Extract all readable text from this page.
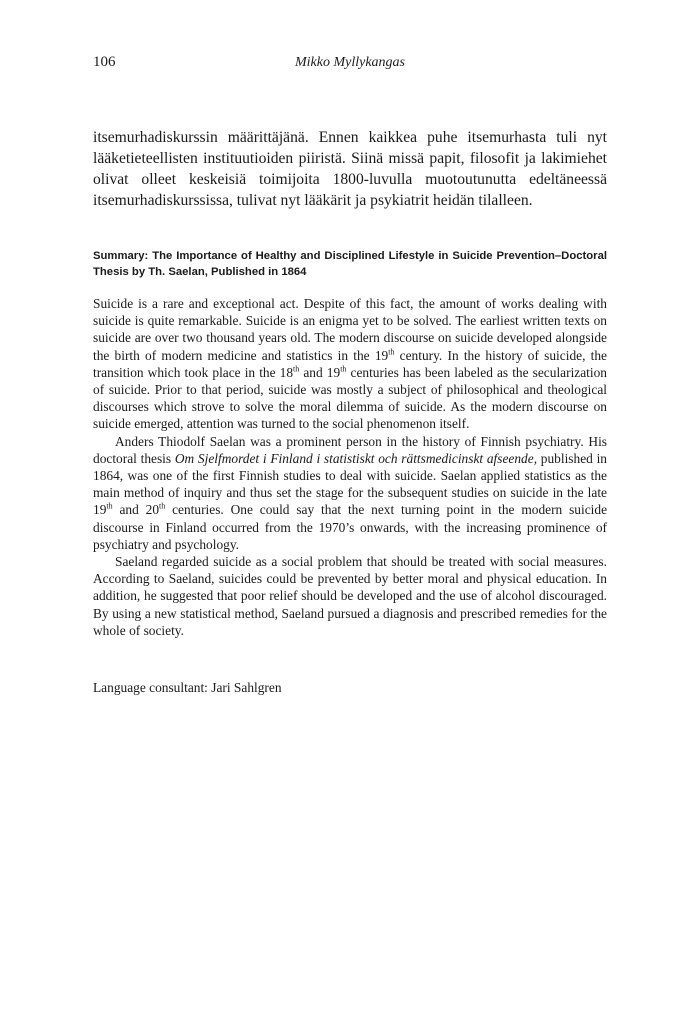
106	Mikko Myllykangas

itsemurhadiskurssin määrittäjänä. Ennen kaikkea puhe itsemurhasta tuli nyt lääketieteellisten instituutioiden piiristä. Siinä missä papit, filosofit ja lakimiehet olivat olleet keskeisiä toimijoita 1800-luvulla muotoutunutta edeltäneessä itsemurhadiskurssissa, tulivat nyt lääkärit ja psykiatrit heidän tilalleen.

Summary: The Importance of Healthy and Disciplined Lifestyle in Suicide Prevention–Doctoral Thesis by Th. Saelan, Published in 1864

Suicide is a rare and exceptional act. Despite of this fact, the amount of works dealing with suicide is quite remarkable. Suicide is an enigma yet to be solved. The earliest written texts on suicide are over two thousand years old. The modern discourse on suicide developed alongside the birth of modern medicine and statistics in the 19th century. In the history of suicide, the transition which took place in the 18th and 19th centuries has been labeled as the secularization of suicide. Prior to that period, suicide was mostly a subject of philosophical and theological discourses which strove to solve the moral dilemma of suicide. As the modern discourse on suicide emerged, attention was turned to the social phenomenon itself.

Anders Thiodolf Saelan was a prominent person in the history of Finnish psychiatry. His doctoral thesis Om Sjelfmordet i Finland i statistiskt och rättsmedicinskt afseende, published in 1864, was one of the first Finnish studies to deal with suicide. Saelan applied statistics as the main method of inquiry and thus set the stage for the subsequent studies on suicide in the late 19th and 20th centuries. One could say that the next turning point in the modern suicide discourse in Finland occurred from the 1970’s onwards, with the increasing prominence of psychiatry and psychology.

Saeland regarded suicide as a social problem that should be treated with social measures. According to Saeland, suicides could be prevented by better moral and physical education. In addition, he suggested that poor relief should be developed and the use of alcohol discouraged. By using a new statistical method, Saeland pursued a diagnosis and prescribed remedies for the whole of society.

Language consultant: Jari Sahlgren
